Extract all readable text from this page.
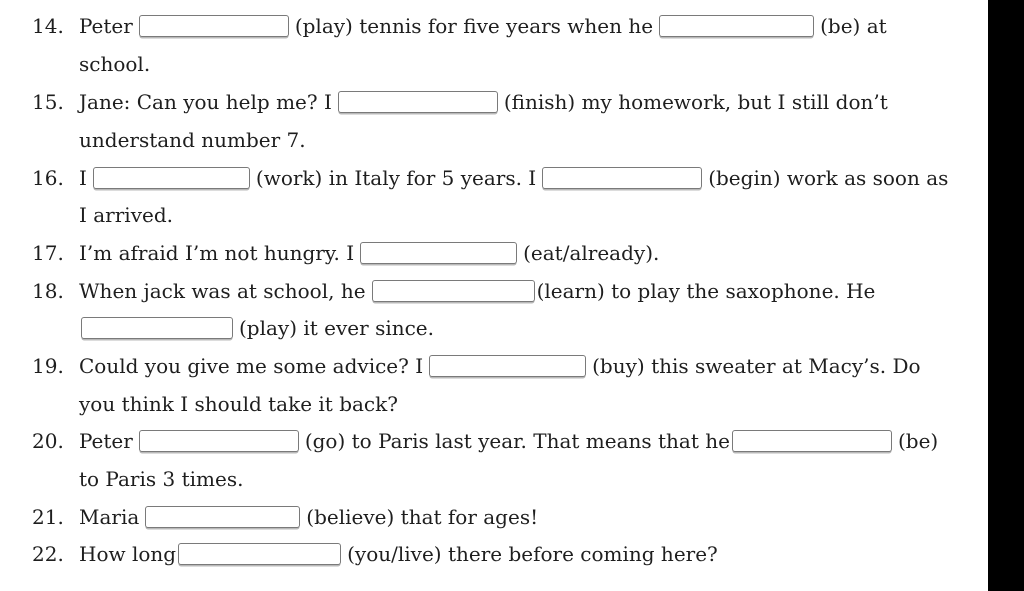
14. Peter	(play) tennis for five years when he	(be) at
school.
15. Jane: Can you help me? I	(finish) my homework, but I still don’t
understand number 7.
16. I	(work) in Italy for 5 years. I	(begin) work as soon as
I arrived.
17. I’m afraid I’m not hungry. I	(eat/already).
18. When jack was at school, he	(learn) to play the saxophone. He
(play) it ever since.
19. Could you give me some advice? I	(buy) this sweater at Macy’s. Do
you think I should take it back?
20. Peter	(go) to Paris last year. That means that he	(be)
to Paris 3 times.
21. Maria	(believe) that for ages!
22. How long	(you/live) there before coming here?
